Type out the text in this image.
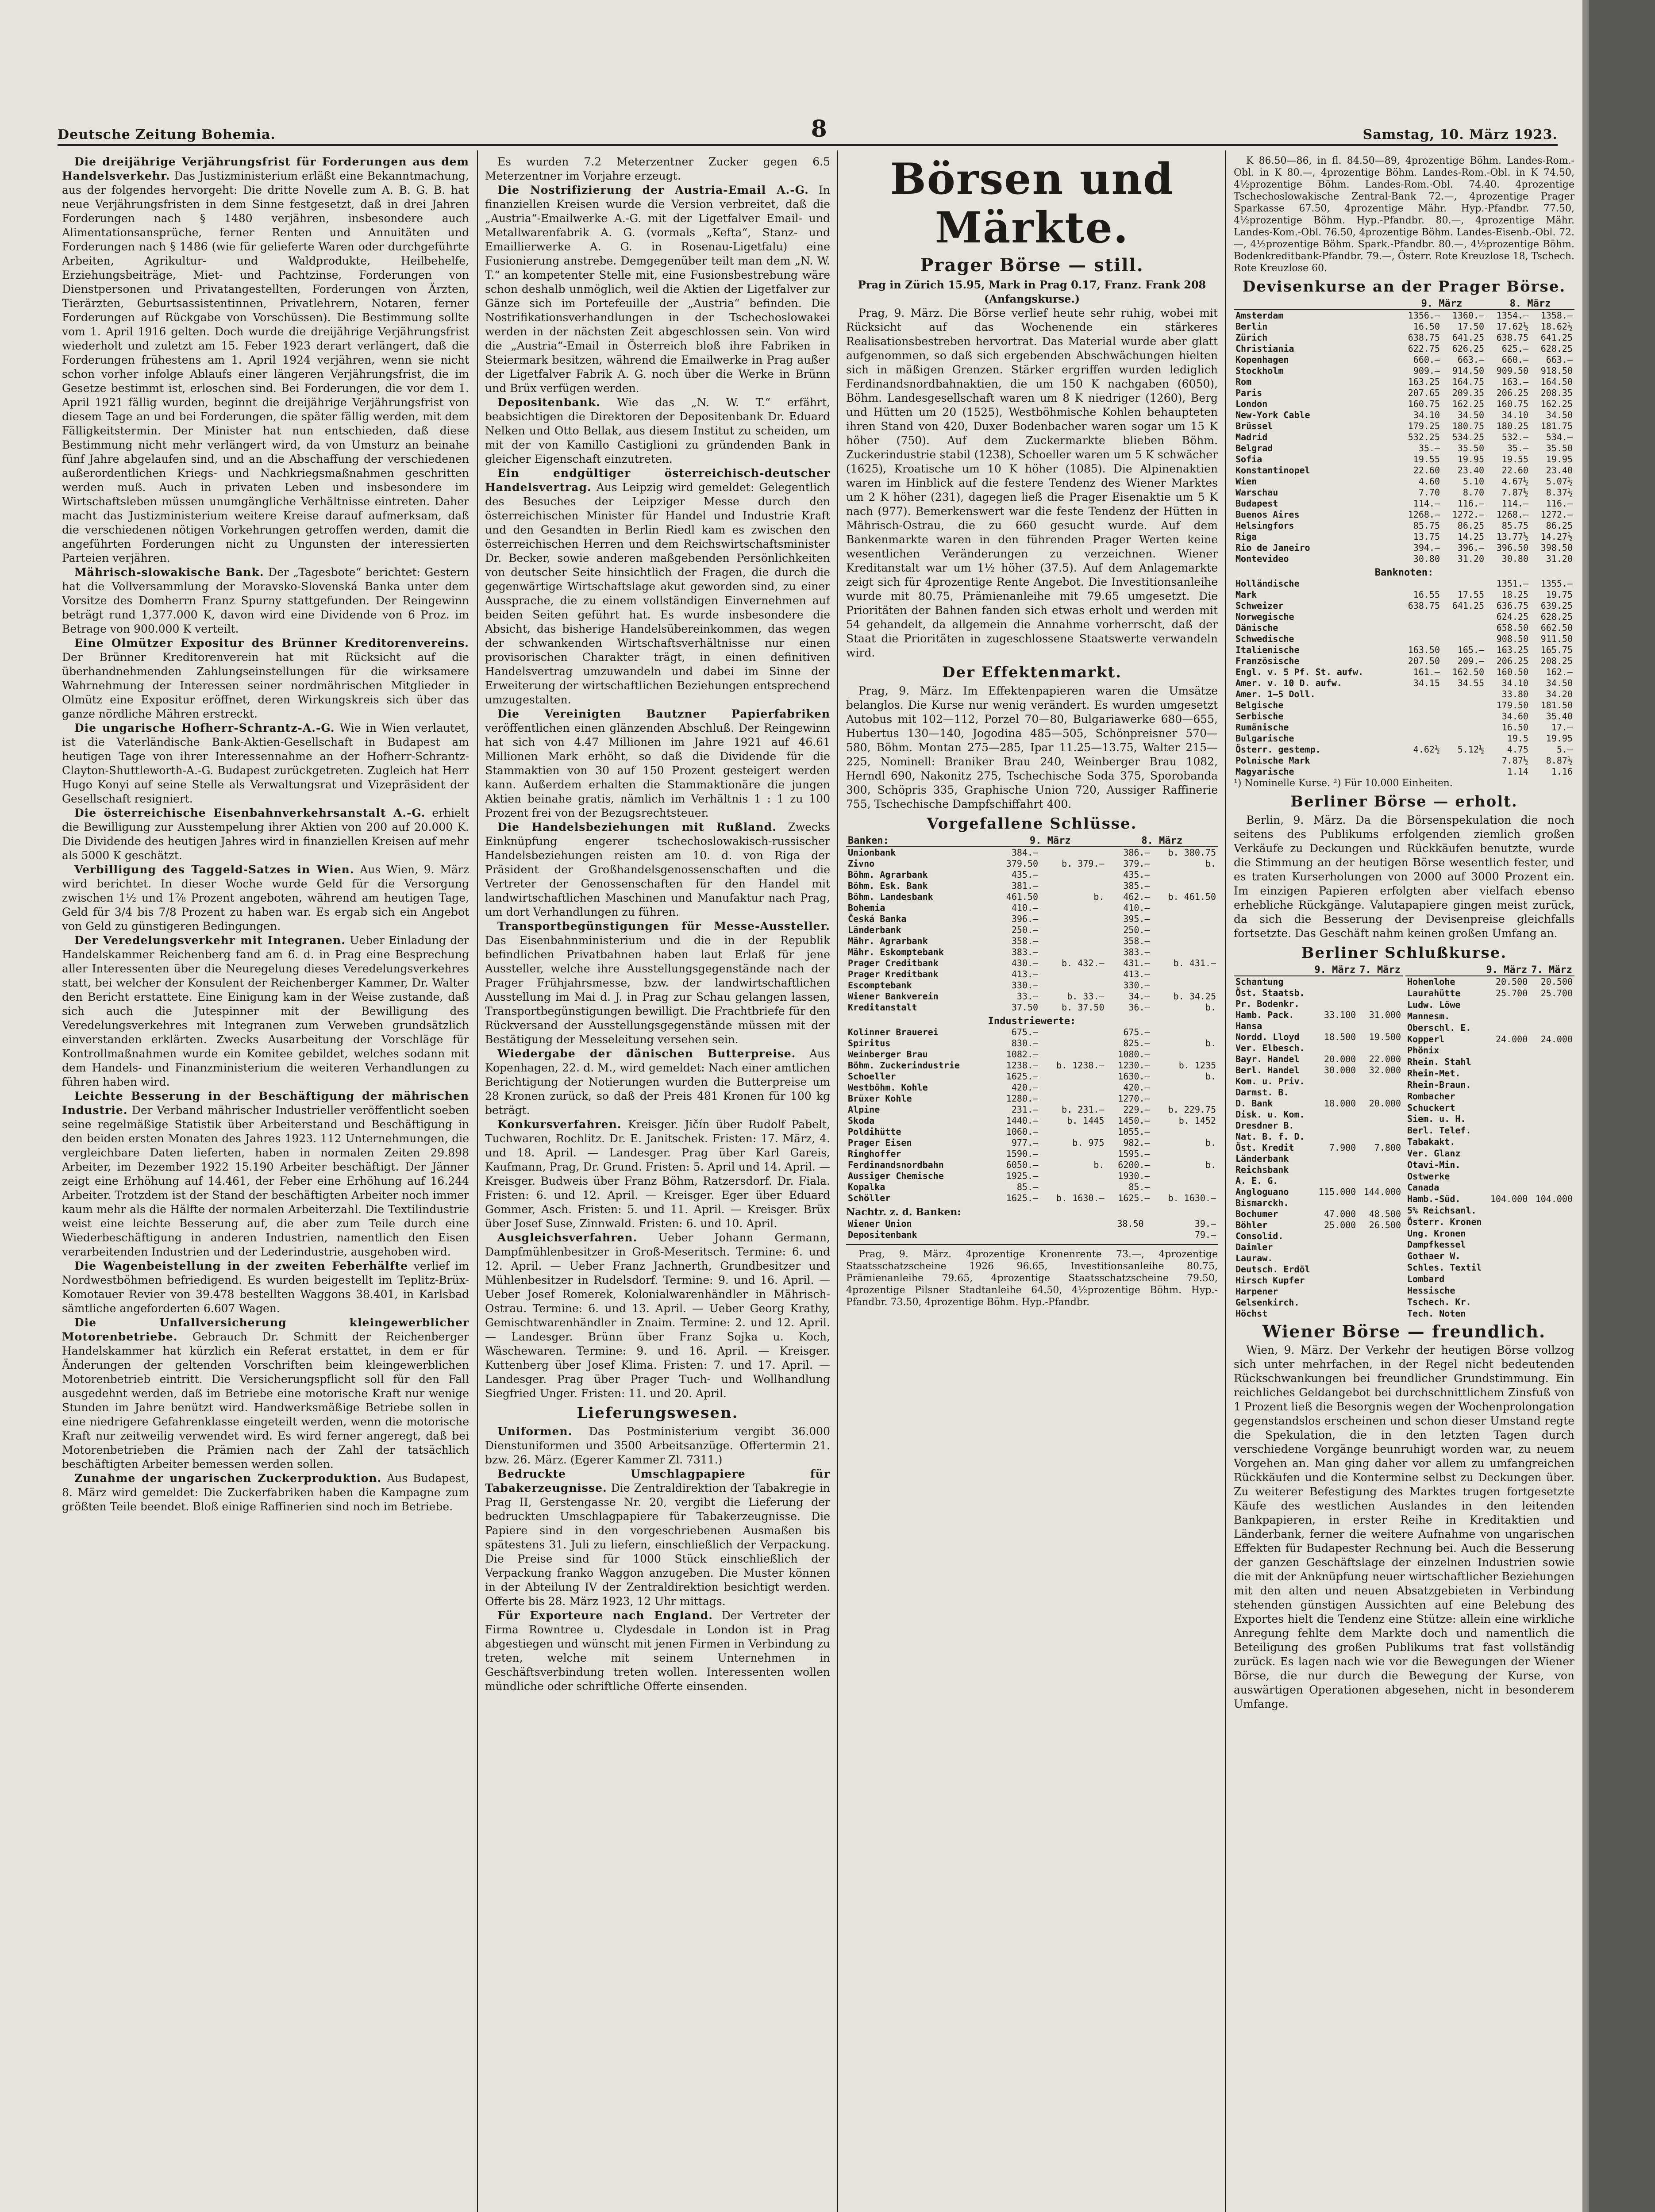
Deutsche Zeitung Bohemia.	8	Samstag, 10. März 1923.

Die dreijährige Verjährungsfrist für Forderungen aus dem Handelsverkehr. Das Justizministerium erläßt eine Bekanntmachung, aus der folgendes hervorgeht: Die dritte Novelle zum A. B. G. B. hat neue Verjährungsfristen in dem Sinne festgesetzt, daß in drei Jahren Forderungen nach § 1480 verjähren, insbesondere auch Alimentationsansprüche, ferner Renten und Annuitäten und Forderungen nach § 1486 (wie für gelieferte Waren oder durchgeführte Arbeiten, Agrikultur- und Waldprodukte, Heilbehelfe, Erziehungsbeiträge, Miet- und Pachtzinse, Forderungen von Dienstpersonen und Privatangestellten, Forderungen von Ärzten, Tierärzten, Geburtsassistentinnen, Privatlehrern, Notaren, ferner Forderungen auf Rückgabe von Vorschüssen). Die Bestimmung sollte vom 1. April 1916 gelten. Doch wurde die dreijährige Verjährungsfrist wiederholt und zuletzt am 15. Feber 1923 derart verlängert, daß die Forderungen frühestens am 1. April 1924 verjähren, wenn sie nicht schon vorher infolge Ablaufs einer längeren Verjährungsfrist, die im Gesetze bestimmt ist, erloschen sind. Bei Forderungen, die vor dem 1. April 1921 fällig wurden, beginnt die dreijährige Verjährungsfrist von diesem Tage an und bei Forderungen, die später fällig werden, mit dem Fälligkeitstermin. Der Minister hat nun entschieden, daß diese Bestimmung nicht mehr verlängert wird, da von Umsturz an beinahe fünf Jahre abgelaufen sind, und an die Abschaffung der verschiedenen außerordentlichen Kriegs- und Nachkriegsmaßnahmen geschritten werden muß. Auch in privaten Leben und insbesondere im Wirtschaftsleben müssen unumgängliche Verhältnisse eintreten. Daher macht das Justizministerium weitere Kreise darauf aufmerksam, daß die verschiedenen nötigen Vorkehrungen getroffen werden, damit die angeführten Forderungen nicht zu Ungunsten der interessierten Parteien verjähren.

Mährisch-slowakische Bank. Der „Tagesbote“ berichtet: Gestern hat die Vollversammlung der Moravsko-Slovenská Banka unter dem Vorsitze des Domherrn Franz Spurny stattgefunden. Der Reingewinn beträgt rund 1,377.000 K, davon wird eine Dividende von 6 Proz. im Betrage von 900.000 K verteilt.

Eine Olmützer Expositur des Brünner Kreditorenvereins. Der Brünner Kreditorenverein hat mit Rücksicht auf die überhandnehmenden Zahlungseinstellungen für die wirksamere Wahrnehmung der Interessen seiner nordmährischen Mitglieder in Olmütz eine Expositur eröffnet, deren Wirkungskreis sich über das ganze nördliche Mähren erstreckt.

Die ungarische Hofherr-Schrantz-A.-G. Wie in Wien verlautet, ist die Vaterländische Bank-Aktien-Gesellschaft in Budapest am heutigen Tage von ihrer Interessennahme an der Hofherr-Schrantz-Clayton-Shuttleworth-A.-G. Budapest zurückgetreten. Zugleich hat Herr Hugo Konyi auf seine Stelle als Verwaltungsrat und Vizepräsident der Gesellschaft resigniert.

Die österreichische Eisenbahnverkehrsanstalt A.-G. erhielt die Bewilligung zur Ausstempelung ihrer Aktien von 200 auf 20.000 K. Die Dividende des heutigen Jahres wird in finanziellen Kreisen auf mehr als 5000 K geschätzt.

Verbilligung des Taggeld-Satzes in Wien. Aus Wien, 9. März wird berichtet. In dieser Woche wurde Geld für die Versorgung zwischen 1½ und 1⅞ Prozent angeboten, während am heutigen Tage, Geld für 3/4 bis 7/8 Prozent zu haben war. Es ergab sich ein Angebot von Geld zu günstigeren Bedingungen.

Der Veredelungsverkehr mit Integranen. Ueber Einladung der Handelskammer Reichenberg fand am 6. d. in Prag eine Besprechung aller Interessenten über die Neuregelung dieses Veredelungsverkehres statt, bei welcher der Konsulent der Reichenberger Kammer, Dr. Walter den Bericht erstattete. Eine Einigung kam in der Weise zustande, daß sich auch die Jutespinner mit der Bewilligung des Veredelungsverkehres mit Integranen zum Verweben grundsätzlich einverstanden erklärten. Zwecks Ausarbeitung der Vorschläge für Kontrollmaßnahmen wurde ein Komitee gebildet, welches sodann mit dem Handels- und Finanzministerium die weiteren Verhandlungen zu führen haben wird.

Leichte Besserung in der Beschäftigung der mährischen Industrie. Der Verband mährischer Industrieller veröffentlicht soeben seine regelmäßige Statistik über Arbeiterstand und Beschäftigung in den beiden ersten Monaten des Jahres 1923. 112 Unternehmungen, die vergleichbare Daten lieferten, haben in normalen Zeiten 29.898 Arbeiter, im Dezember 1922 15.190 Arbeiter beschäftigt. Der Jänner zeigt eine Erhöhung auf 14.461, der Feber eine Erhöhung auf 16.244 Arbeiter. Trotzdem ist der Stand der beschäftigten Arbeiter noch immer kaum mehr als die Hälfte der normalen Arbeiterzahl. Die Textilindustrie weist eine leichte Besserung auf, die aber zum Teile durch eine Wiederbeschäftigung in anderen Industrien, namentlich den Eisen verarbeitenden Industrien und der Lederindustrie, ausgehoben wird.

Die Wagenbeistellung in der zweiten Feberhälfte verlief im Nordwestböhmen befriedigend. Es wurden beigestellt im Teplitz-Brüx-Komotauer Revier von 39.478 bestellten Waggons 38.401, in Karlsbad sämtliche angeforderten 6.607 Wagen.

Die Unfallversicherung kleingewerblicher Motorenbetriebe. Gebrauch Dr. Schmitt der Reichenberger Handelskammer hat kürzlich ein Referat erstattet, in dem er für Änderungen der geltenden Vorschriften beim kleingewerblichen Motorenbetrieb eintritt. Die Versicherungspflicht soll für den Fall ausgedehnt werden, daß im Betriebe eine motorische Kraft nur wenige Stunden im Jahre benützt wird. Handwerksmäßige Betriebe sollen in eine niedrigere Gefahrenklasse eingeteilt werden, wenn die motorische Kraft nur zeitweilig verwendet wird. Es wird ferner angeregt, daß bei Motorenbetrieben die Prämien nach der Zahl der tatsächlich beschäftigten Arbeiter bemessen werden sollen.

Zunahme der ungarischen Zuckerproduktion. Aus Budapest, 8. März wird gemeldet: Die Zuckerfabriken haben die Kampagne zum größten Teile beendet. Bloß einige Raffinerien sind noch im Betriebe.

Es wurden 7.2 Meterzentner Zucker gegen 6.5 Meterzentner im Vorjahre erzeugt.

Die Nostrifizierung der Austria-Email A.-G. In finanziellen Kreisen wurde die Version verbreitet, daß die „Austria“-Emailwerke A.-G. mit der Ligetfalver Email- und Metallwarenfabrik A. G. (vormals „Kefta“, Stanz- und Emaillierwerke A. G. in Rosenau-Ligetfalu) eine Fusionierung anstrebe. Demgegenüber teilt man dem „N. W. T.“ an kompetenter Stelle mit, eine Fusionsbestrebung wäre schon deshalb unmöglich, weil die Aktien der Ligetfalver zur Gänze sich im Portefeuille der „Austria“ befinden. Die Nostrifikationsverhandlungen in der Tschechoslowakei werden in der nächsten Zeit abgeschlossen sein. Von wird die „Austria“-Email in Österreich bloß ihre Fabriken in Steiermark besitzen, während die Emailwerke in Prag außer der Ligetfalver Fabrik A. G. noch über die Werke in Brünn und Brüx verfügen werden.

Depositenbank. Wie das „N. W. T.“ erfährt, beabsichtigen die Direktoren der Depositenbank Dr. Eduard Nelken und Otto Bellak, aus diesem Institut zu scheiden, um mit der von Kamillo Castiglioni zu gründenden Bank in gleicher Eigenschaft einzutreten.

Ein endgültiger österreichisch-deutscher Handelsvertrag. Aus Leipzig wird gemeldet: Gelegentlich des Besuches der Leipziger Messe durch den österreichischen Minister für Handel und Industrie Kraft und den Gesandten in Berlin Riedl kam es zwischen den österreichischen Herren und dem Reichswirtschaftsminister Dr. Becker, sowie anderen maßgebenden Persönlichkeiten von deutscher Seite hinsichtlich der Fragen, die durch die gegenwärtige Wirtschaftslage akut geworden sind, zu einer Aussprache, die zu einem vollständigen Einvernehmen auf beiden Seiten geführt hat. Es wurde insbesondere die Absicht, das bisherige Handelsübereinkommen, das wegen der schwankenden Wirtschaftsverhältnisse nur einen provisorischen Charakter trägt, in einen definitiven Handelsvertrag umzuwandeln und dabei im Sinne der Erweiterung der wirtschaftlichen Beziehungen entsprechend umzugestalten.

Die Vereinigten Bautzner Papierfabriken veröffentlichen einen glänzenden Abschluß. Der Reingewinn hat sich von 4.47 Millionen im Jahre 1921 auf 46.61 Millionen Mark erhöht, so daß die Dividende für die Stammaktien von 30 auf 150 Prozent gesteigert werden kann. Außerdem erhalten die Stammaktionäre die jungen Aktien beinahe gratis, nämlich im Verhältnis 1 : 1 zu 100 Prozent frei von der Bezugsrechtsteuer.

Die Handelsbeziehungen mit Rußland. Zwecks Einknüpfung engerer tschechoslowakisch-russischer Handelsbeziehungen reisten am 10. d. von Riga der Präsident der Großhandelsgenossenschaften und die Vertreter der Genossenschaften für den Handel mit landwirtschaftlichen Maschinen und Manufaktur nach Prag, um dort Verhandlungen zu führen.

Transportbegünstigungen für Messe-Aussteller. Das Eisenbahnministerium und die in der Republik befindlichen Privatbahnen haben laut Erlaß für jene Aussteller, welche ihre Ausstellungsgegenstände nach der Prager Frühjahrsmesse, bzw. der landwirtschaftlichen Ausstellung im Mai d. J. in Prag zur Schau gelangen lassen, Transportbegünstigungen bewilligt. Die Frachtbriefe für den Rückversand der Ausstellungsgegenstände müssen mit der Bestätigung der Messeleitung versehen sein.

Wiedergabe der dänischen Butterpreise. Aus Kopenhagen, 22. d. M., wird gemeldet: Nach einer amtlichen Berichtigung der Notierungen wurden die Butterpreise um 28 Kronen zurück, so daß der Preis 481 Kronen für 100 kg beträgt.

Konkursverfahren. Kreisger. Jičín über Rudolf Pabelt, Tuchwaren, Rochlitz. Dr. E. Janitschek. Fristen: 17. März, 4. und 18. April. — Landesger. Prag über Karl Gareis, Kaufmann, Prag, Dr. Grund. Fristen: 5. April und 14. April. — Kreisger. Budweis über Franz Böhm, Ratzersdorf. Dr. Fiala. Fristen: 6. und 12. April. — Kreisger. Eger über Eduard Gommer, Asch. Fristen: 5. und 11. April. — Kreisger. Brüx über Josef Suse, Zinnwald. Fristen: 6. und 10. April.

Ausgleichsverfahren. Ueber Johann Germann, Dampfmühlenbesitzer in Groß-Meseritsch. Termine: 6. und 12. April. — Ueber Franz Jachnerth, Grundbesitzer und Mühlenbesitzer in Rudelsdorf. Termine: 9. und 16. April. — Ueber Josef Romerek, Kolonialwarenhändler in Mährisch-Ostrau. Termine: 6. und 13. April. — Ueber Georg Krathy, Gemischtwarenhändler in Znaim. Termine: 2. und 12. April. — Landesger. Brünn über Franz Sojka u. Koch, Wäschewaren. Termine: 9. und 16. April. — Kreisger. Kuttenberg über Josef Klima. Fristen: 7. und 17. April. — Landesger. Prag über Prager Tuch- und Wollhandlung Siegfried Unger. Fristen: 11. und 20. April.

Lieferungswesen.

Uniformen. Das Postministerium vergibt 36.000 Dienstuniformen und 3500 Arbeitsanzüge. Offertermin 21. bzw. 26. März. (Egerer Kammer Zl. 7311.)

Bedruckte Umschlagpapiere für Tabakerzeugnisse. Die Zentraldirektion der Tabakregie in Prag II, Gerstengasse Nr. 20, vergibt die Lieferung der bedruckten Umschlagpapiere für Tabakerzeugnisse. Die Papiere sind in den vorgeschriebenen Ausmaßen bis spätestens 31. Juli zu liefern, einschließlich der Verpackung. Die Preise sind für 1000 Stück einschließlich der Verpackung franko Waggon anzugeben. Die Muster können in der Abteilung IV der Zentraldirektion besichtigt werden. Offerte bis 28. März 1923, 12 Uhr mittags.

Für Exporteure nach England. Der Vertreter der Firma Rowntree u. Clydesdale in London ist in Prag abgestiegen und wünscht mit jenen Firmen in Verbindung zu treten, welche mit seinem Unternehmen in Geschäftsverbindung treten wollen. Interessenten wollen mündliche oder schriftliche Offerte einsenden.

Börsen und Märkte.
Prager Börse — still.

Prag in Zürich 15.95, Mark in Prag 0.17, Franz. Frank 208 (Anfangskurse.)

Prag, 9. März. Die Börse verlief heute sehr ruhig, wobei mit Rücksicht auf das Wochenende ein stärkeres Realisationsbestreben hervortrat. Das Material wurde aber glatt aufgenommen, so daß sich ergebenden Abschwächungen hielten sich in mäßigen Grenzen. Stärker ergriffen wurden lediglich Ferdinandsnordbahnaktien, die um 150 K nachgaben (6050), Böhm. Landesgesellschaft waren um 8 K niedriger (1260), Berg und Hütten um 20 (1525), Westböhmische Kohlen behaupteten ihren Stand von 420, Duxer Bodenbacher waren sogar um 15 K höher (750). Auf dem Zuckermarkte blieben Böhm. Zuckerindustrie stabil (1238), Schoeller waren um 5 K schwächer (1625), Kroatische um 10 K höher (1085). Die Alpinenaktien waren im Hinblick auf die festere Tendenz des Wiener Marktes um 2 K höher (231), dagegen ließ die Prager Eisenaktie um 5 K nach (977). Bemerkenswert war die feste Tendenz der Hütten in Mährisch-Ostrau, die zu 660 gesucht wurde. Auf dem Bankenmarkte waren in den führenden Prager Werten keine wesentlichen Veränderungen zu verzeichnen. Wiener Kreditanstalt war um 1½ höher (37.5). Auf dem Anlagemarkte zeigt sich für 4prozentige Rente Angebot. Die Investitionsanleihe wurde mit 80.75, Prämienanleihe mit 79.65 umgesetzt. Die Prioritäten der Bahnen fanden sich etwas erholt und werden mit 54 gehandelt, da allgemein die Annahme vorherrscht, daß der Staat die Prioritäten in zugeschlossene Staatswerte verwandeln wird.

Der Effektenmarkt.

Prag, 9. März. Im Effektenpapieren waren die Umsätze belanglos. Die Kurse nur wenig verändert. Es wurden umgesetzt Autobus mit 102—112, Porzel 70—80, Bulgariawerke 680—655, Hubertus 130—140, Jogodina 485—505, Schönpreisner 570—580, Böhm. Montan 275—285, Ipar 11.25—13.75, Walter 215—225, Nominell: Braniker Brau 240, Weinberger Brau 1082, Herndl 690, Nakonitz 275, Tschechische Soda 375, Sporobanda 300, Schöpris 335, Graphische Union 720, Aussiger Raffinerie 755, Tschechische Dampfschiffahrt 400.

Vorgefallene Schlüsse.
Banken:	9. März		8. März	
Unionbank	384.—		386.—	b. 380.75
Zivno	379.50	b. 379.—	379.—	b.
Böhm. Agrarbank	435.—		435.—	
Böhm. Esk. Bank	381.—		385.—	
Böhm. Landesbank	461.50	b.	462.—	b. 461.50
Bohemia	410.—		410.—	
Česká Banka	396.—		395.—	
Länderbank	250.—		250.—	
Mähr. Agrarbank	358.—		358.—	
Mähr. Eskomptebank	383.—		383.—	
Prager Creditbank	430.—	b. 432.—	431.—	b. 431.—
Prager Kreditbank	413.—		413.—	
Escomptebank	330.—		330.—	
Wiener Bankverein	33.—	b. 33.—	34.—	b. 34.25
Kreditanstalt	37.50	b. 37.50	36.—	b.
Industriewerte:				
Kolinner Brauerei	675.—		675.—	
Spiritus	830.—		825.—	b.
Weinberger Brau	1082.—		1080.—	
Böhm. Zuckerindustrie	1238.—	b. 1238.—	1230.—	b. 1235
Schoeller	1625.—		1630.—	b.
Westböhm. Kohle	420.—		420.—	
Brüxer Kohle	1280.—		1270.—	
Alpine	231.—	b. 231.—	229.—	b. 229.75
Skoda	1440.—	b. 1445	1450.—	b. 1452
Poldihütte	1060.—		1055.—	
Prager Eisen	977.—	b. 975	982.—	b.
Ringhoffer	1590.—		1595.—	
Ferdinandsnordbahn	6050.—	b.	6200.—	b.
Aussiger Chemische	1925.—		1930.—	
Kopalka	85.—		85.—	
Schöller	1625.—	b. 1630.—	1625.—	b. 1630.—

Nachtr. z. d. Banken:

Wiener Union	38.50	39.—
Depositenbank		79.—

Prag, 9. März. 4prozentige Kronenrente 73.—, 4prozentige Staatsschatzscheine 1926 96.65, Investitionsanleihe 80.75, Prämienanleihe 79.65, 4prozentige Staatsschatzscheine 79.50, 4prozentige Pilsner Stadtanleihe 64.50, 4½prozentige Böhm. Hyp.-Pfandbr. 73.50, 4prozentige Böhm. Hyp.-Pfandbr.

K 86.50—86, in fl. 84.50—89, 4prozentige Böhm. Landes-Rom.-Obl. in K 80.—, 4prozentige Böhm. Landes-Rom.-Obl. in K 74.50, 4½prozentige Böhm. Landes-Rom.-Obl. 74.40. 4prozentige Tschechoslowakische Zentral-Bank 72.—, 4prozentige Prager Sparkasse 67.50, 4prozentige Mähr. Hyp.-Pfandbr. 77.50, 4½prozentige Böhm. Hyp.-Pfandbr. 80.—, 4prozentige Mähr. Landes-Kom.-Obl. 76.50, 4prozentige Böhm. Landes-Eisenb.-Obl. 72.—, 4½prozentige Böhm. Spark.-Pfandbr. 80.—, 4½prozentige Böhm. Bodenkreditbank-Pfandbr. 79.—, Österr. Rote Kreuzlose 18, Tschech. Rote Kreuzlose 60.

Devisenkurse an der Prager Börse.
	9. März		8. März	
Amsterdam	1356.—	1360.—	1354.—	1358.—
Berlin	16.50	17.50	17.62½	18.62½
Zürich	638.75	641.25	638.75	641.25
Christiania	622.75	626.25	625.—	628.25
Kopenhagen	660.—	663.—	660.—	663.—
Stockholm	909.—	914.50	909.50	918.50
Rom	163.25	164.75	163.—	164.50
Paris	207.65	209.35	206.25	208.35
London	160.75	162.25	160.75	162.25
New-York Cable	34.10	34.50	34.10	34.50
Brüssel	179.25	180.75	180.25	181.75
Madrid	532.25	534.25	532.—	534.—
Belgrad	35.—	35.50	35.—	35.50
Sofia	19.55	19.95	19.55	19.95
Konstantinopel	22.60	23.40	22.60	23.40
Wien	4.60	5.10	4.67½	5.07½
Warschau	7.70	8.70	7.87½	8.37½
Budapest	114.—	116.—	114.—	116.—
Buenos Aires	1268.—	1272.—	1268.—	1272.—
Helsingfors	85.75	86.25	85.75	86.25
Riga	13.75	14.25	13.77½	14.27½
Rio de Janeiro	394.—	396.—	396.50	398.50
Montevideo	30.80	31.20	30.80	31.20
Banknoten:				
Holländische			1351.—	1355.—
Mark	16.55	17.55	18.25	19.75
Schweizer	638.75	641.25	636.75	639.25
Norwegische			624.25	628.25
Dänische			658.50	662.50
Schwedische			908.50	911.50
Italienische	163.50	165.—	163.25	165.75
Französische	207.50	209.—	206.25	208.25
Engl. v. 5 Pf. St. aufw.	161.—	162.50	160.50	162.—
Amer. v. 10 D. aufw.	34.15	34.55	34.10	34.50
Amer. 1—5 Doll.			33.80	34.20
Belgische			179.50	181.50
Serbische			34.60	35.40
Rumänische			16.50	17.—
Bulgarische			19.5	19.95
Österr. gestemp.	4.62½	5.12½	4.75	5.—
Polnische Mark			7.87½	8.87½
Magyarische			1.14	1.16

¹) Nominelle Kurse. ²) Für 10.000 Einheiten.

Berliner Börse — erholt.

Berlin, 9. März. Da die Börsenspekulation die noch seitens des Publikums erfolgenden ziemlich großen Verkäufe zu Deckungen und Rückkäufen benutzte, wurde die Stimmung an der heutigen Börse wesentlich fester, und es traten Kurserholungen von 2000 auf 3000 Prozent ein. Im einzigen Papieren erfolgten aber vielfach ebenso erhebliche Rückgänge. Valutapapiere gingen meist zurück, da sich die Besserung der Devisenpreise gleichfalls fortsetzte. Das Geschäft nahm keinen großen Umfang an.

Berliner Schlußkurse.
	9. März	7. März
Schantung		
Öst. Staatsb.		
Pr. Bodenkr.		
Hamb. Pack.	33.100	31.000
Hansa		
Nordd. Lloyd	18.500	19.500
Ver. Elbesch.		
Bayr. Handel	20.000	22.000
Berl. Handel	30.000	32.000
Kom. u. Priv.		
Darmst. B.		
D. Bank	18.000	20.000
Disk. u. Kom.		
Dresdner B.		
Nat. B. f. D.		
Öst. Kredit	7.900	7.800
Länderbank		
Reichsbank		
A. E. G.		
Angloguano	115.000	144.000
Bismarckh.		
Bochumer	47.000	48.500
Böhler	25.000	26.500
Consolid.		
Daimler		
Lauraw.		
Deutsch. Erdöl		
Hirsch Kupfer		
Harpener		
Gelsenkirch.		
Höchst		
	9. März	7. März
Hohenlohe	20.500	20.500
Laurahütte	25.700	25.700
Ludw. Löwe		
Mannesm.		
Oberschl. E.		
Kopperl	24.000	24.000
Phönix		
Rhein. Stahl		
Rhein-Met.		
Rhein-Braun.		
Rombacher		
Schuckert		
Siem. u. H.		
Berl. Telef.		
Tabakakt.		
Ver. Glanz		
Otavi-Min.		
Ostwerke		
Canada		
Hamb.-Süd.	104.000	104.000
5% Reichsanl.		
Österr. Kronen		
Ung. Kronen		
Dampfkessel		
Gothaer W.		
Schles. Textil		
Lombard		
Hessische		
Tschech. Kr.		
Tech. Noten		
Wiener Börse — freundlich.

Wien, 9. März. Der Verkehr der heutigen Börse vollzog sich unter mehrfachen, in der Regel nicht bedeutenden Rückschwankungen bei freundlicher Grundstimmung. Ein reichliches Geldangebot bei durchschnittlichem Zinsfuß von 1 Prozent ließ die Besorgnis wegen der Wochenprolongation gegenstandslos erscheinen und schon dieser Umstand regte die Spekulation, die in den letzten Tagen durch verschiedene Vorgänge beunruhigt worden war, zu neuem Vorgehen an. Man ging daher vor allem zu umfangreichen Rückkäufen und die Kontermine selbst zu Deckungen über. Zu weiterer Befestigung des Marktes trugen fortgesetzte Käufe des westlichen Auslandes in den leitenden Bankpapieren, in erster Reihe in Kreditaktien und Länderbank, ferner die weitere Aufnahme von ungarischen Effekten für Budapester Rechnung bei. Auch die Besserung der ganzen Geschäftslage der einzelnen Industrien sowie die mit der Anknüpfung neuer wirtschaftlicher Beziehungen mit den alten und neuen Absatzgebieten in Verbindung stehenden günstigen Aussichten auf eine Belebung des Exportes hielt die Tendenz eine Stütze: allein eine wirkliche Anregung fehlte dem Markte doch und namentlich die Beteiligung des großen Publikums trat fast vollständig zurück. Es lagen nach wie vor die Bewegungen der Wiener Börse, die nur durch die Bewegung der Kurse, von auswärtigen Operationen abgesehen, nicht in besonderem Umfange.
